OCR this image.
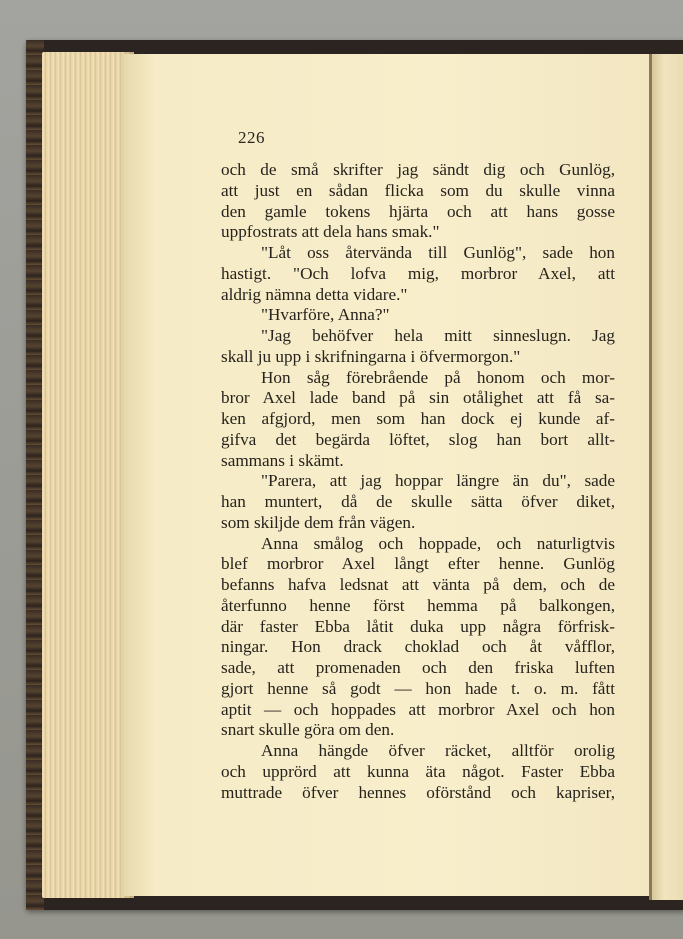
226
och de små skrifter jag sändt dig och Gunlög,
att just en sådan flicka som du skulle vinna
den gamle tokens hjärta och att hans gosse
uppfostrats att dela hans smak."
"Låt oss återvända till Gunlög", sade hon
hastigt. "Och lofva mig, morbror Axel, att
aldrig nämna detta vidare."
"Hvarföre, Anna?"
"Jag behöfver hela mitt sinneslugn. Jag
skall ju upp i skrifningarna i öfvermorgon."
Hon såg förebrående på honom och mor-
bror Axel lade band på sin otålighet att få sa-
ken afgjord, men som han dock ej kunde af-
gifva det begärda löftet, slog han bort allt-
sammans i skämt.
"Parera, att jag hoppar längre än du", sade
han muntert, då de skulle sätta öfver diket,
som skiljde dem från vägen.
Anna smålog och hoppade, och naturligtvis
blef morbror Axel långt efter henne. Gunlög
befanns hafva ledsnat att vänta på dem, och de
återfunno henne först hemma på balkongen,
där faster Ebba låtit duka upp några förfrisk-
ningar. Hon drack choklad och åt våfflor,
sade, att promenaden och den friska luften
gjort henne så godt — hon hade t. o. m. fått
aptit — och hoppades att morbror Axel och hon
snart skulle göra om den.
Anna hängde öfver räcket, alltför orolig
och upprörd att kunna äta något. Faster Ebba
muttrade öfver hennes oförstånd och kapriser,
